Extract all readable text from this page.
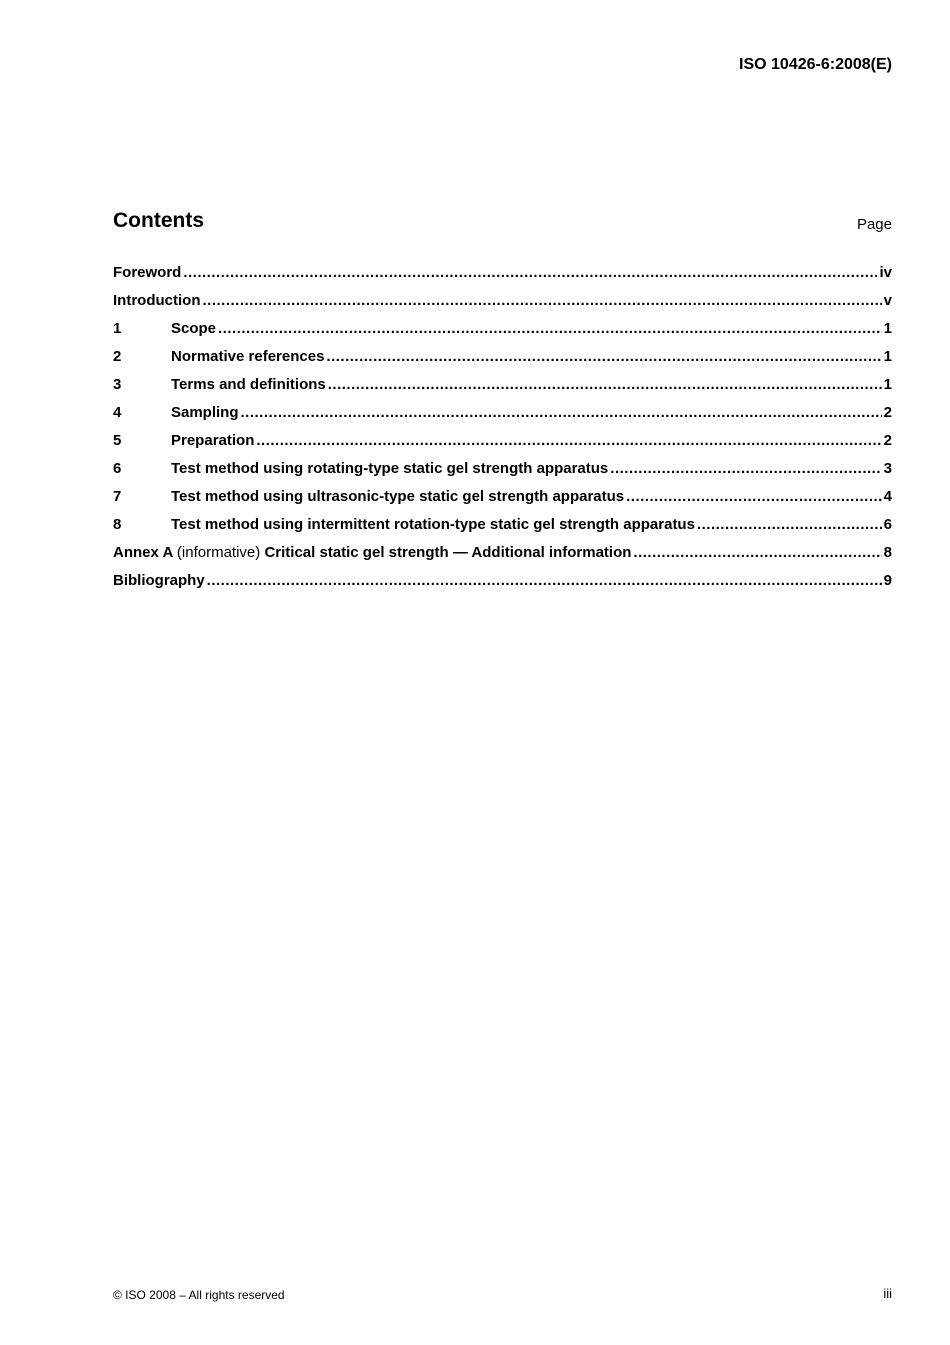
ISO 10426-6:2008(E)
Contents	Page
Foreword .....	iv
Introduction .....	v
1	Scope .....	1
2	Normative references .....	1
3	Terms and definitions .....	1
4	Sampling .....	2
5	Preparation .....	2
6	Test method using rotating-type static gel strength apparatus .....	3
7	Test method using ultrasonic-type static gel strength apparatus .....	4
8	Test method using intermittent rotation-type static gel strength apparatus .....	6
Annex A (informative) Critical static gel strength — Additional information .....	8
Bibliography .....	9
© ISO 2008 – All rights reserved	iii
